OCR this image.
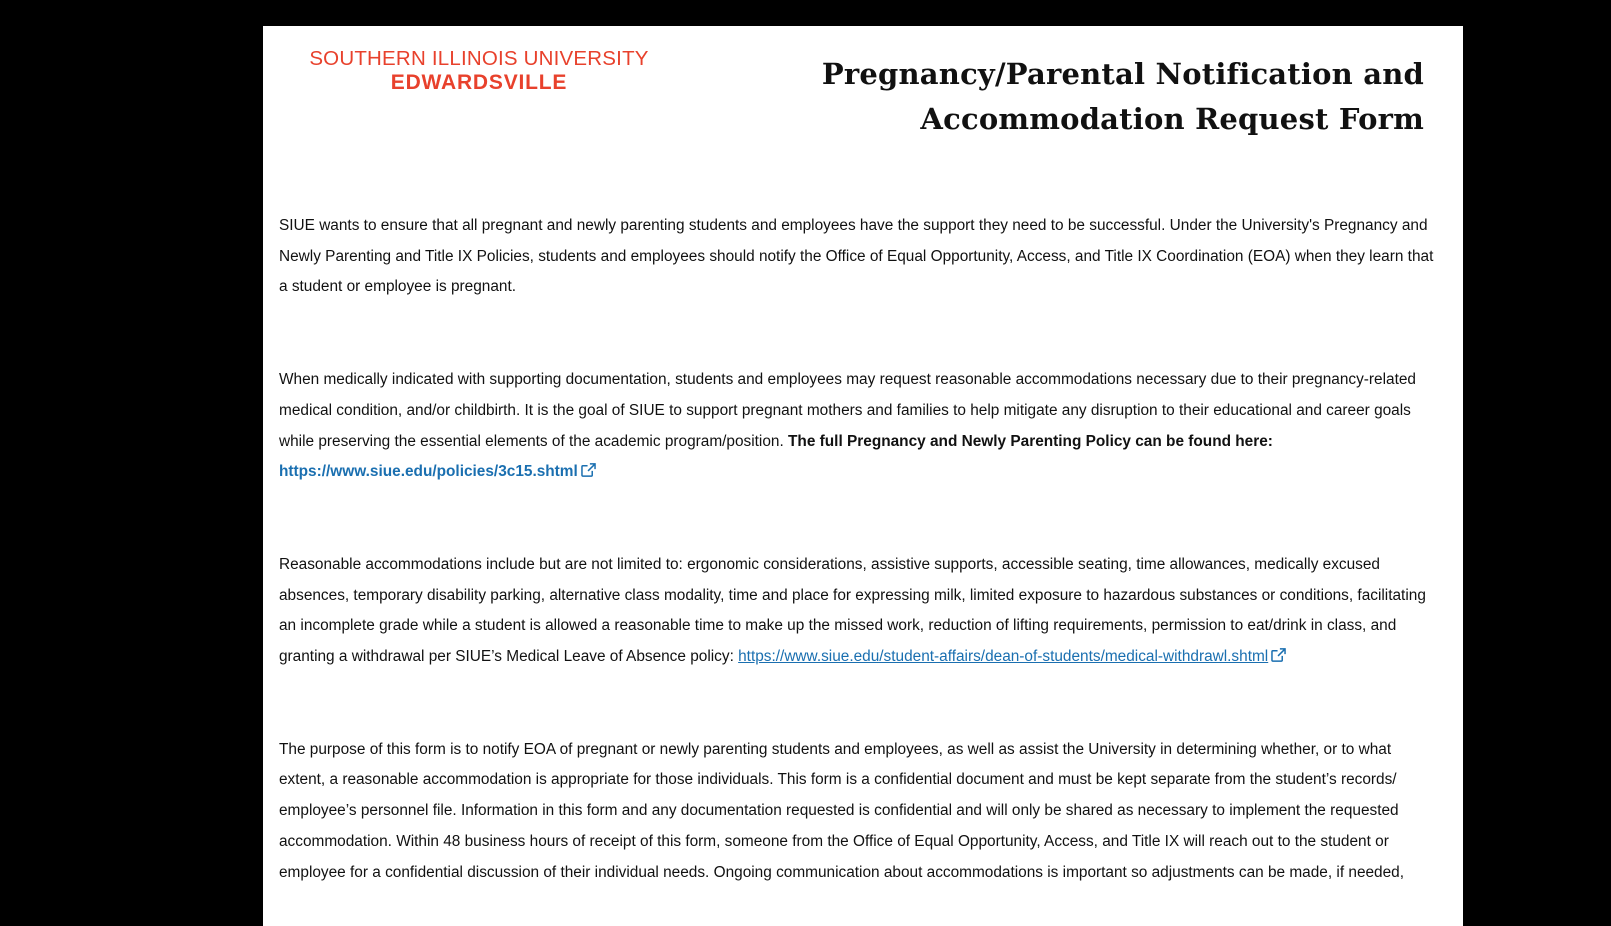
SOUTHERN ILLINOIS UNIVERSITY
EDWARDSVILLE	Pregnancy/Parental Notification and
Accommodation Request Form

SIUE wants to ensure that all pregnant and newly parenting students and employees have the support they need to be successful. Under the University's Pregnancy and Newly Parenting and Title IX Policies, students and employees should notify the Office of Equal Opportunity, Access, and Title IX Coordination (EOA) when they learn that a student or employee is pregnant.

When medically indicated with supporting documentation, students and employees may request reasonable accommodations necessary due to their pregnancy-related medical condition, and/or childbirth. It is the goal of SIUE to support pregnant mothers and families to help mitigate any disruption to their educational and career goals while preserving the essential elements of the academic program/position. The full Pregnancy and Newly Parenting Policy can be found here: https://www.siue.edu/policies/3c15.shtml

Reasonable accommodations include but are not limited to: ergonomic considerations, assistive supports, accessible seating, time allowances, medically excused absences, temporary disability parking, alternative class modality, time and place for expressing milk, limited exposure to hazardous substances or conditions, facilitating an incomplete grade while a student is allowed a reasonable time to make up the missed work, reduction of lifting requirements, permission to eat/drink in class, and granting a withdrawal per SIUE’s Medical Leave of Absence policy: https://www.siue.edu/student-affairs/dean-of-students/medical-withdrawl.shtml

The purpose of this form is to notify EOA of pregnant or newly parenting students and employees, as well as assist the University in determining whether, or to what extent, a reasonable accommodation is appropriate for those individuals. This form is a confidential document and must be kept separate from the student’s records/ employee’s personnel file. Information in this form and any documentation requested is confidential and will only be shared as necessary to implement the requested accommodation. Within 48 business hours of receipt of this form, someone from the Office of Equal Opportunity, Access, and Title IX will reach out to the student or employee for a confidential discussion of their individual needs. Ongoing communication about accommodations is important so adjustments can be made, if needed,
